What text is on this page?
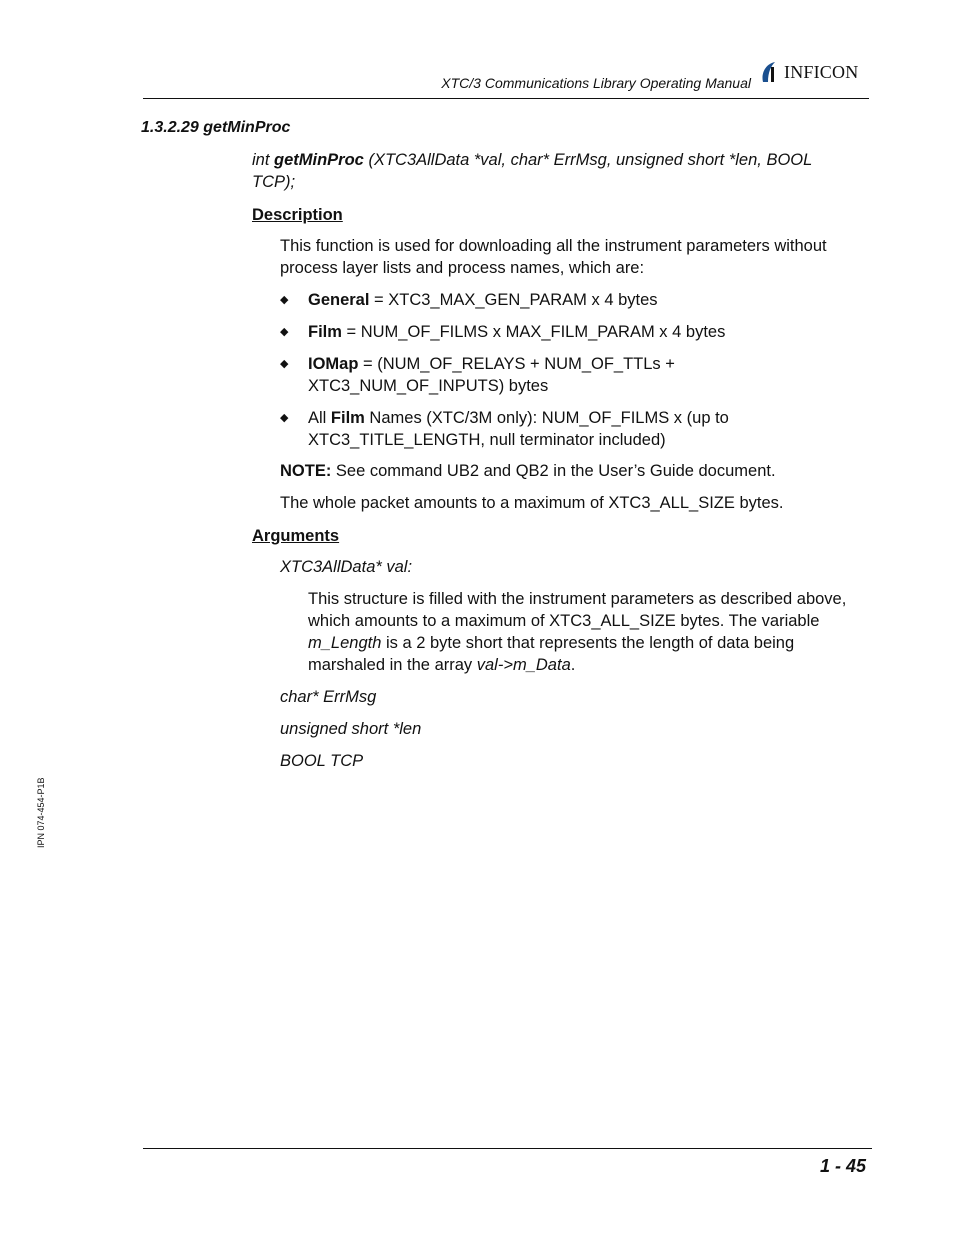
XTC/3 Communications Library Operating Manual
INFICON
1.3.2.29 getMinProc
int getMinProc (XTC3AllData *val, char* ErrMsg, unsigned short *len, BOOL
TCP);
Description
This function is used for downloading all the instrument parameters without
process layer lists and process names, which are:
◆	General = XTC3_MAX_GEN_PARAM x 4 bytes
◆	Film = NUM_OF_FILMS x MAX_FILM_PARAM x 4 bytes
◆	IOMap = (NUM_OF_RELAYS + NUM_OF_TTLs +
XTC3_NUM_OF_INPUTS) bytes
◆	All Film Names (XTC/3M only): NUM_OF_FILMS x (up to
XTC3_TITLE_LENGTH, null terminator included)
NOTE: See command UB2 and QB2 in the User’s Guide document.
The whole packet amounts to a maximum of XTC3_ALL_SIZE bytes.
Arguments
XTC3AllData* val:
This structure is filled with the instrument parameters as described above,
which amounts to a maximum of XTC3_ALL_SIZE bytes. The variable
m_Length is a 2 byte short that represents the length of data being
marshaled in the array val->m_Data.
char* ErrMsg
unsigned short *len
BOOL TCP
IPN 074-454-P1B
1 - 45
